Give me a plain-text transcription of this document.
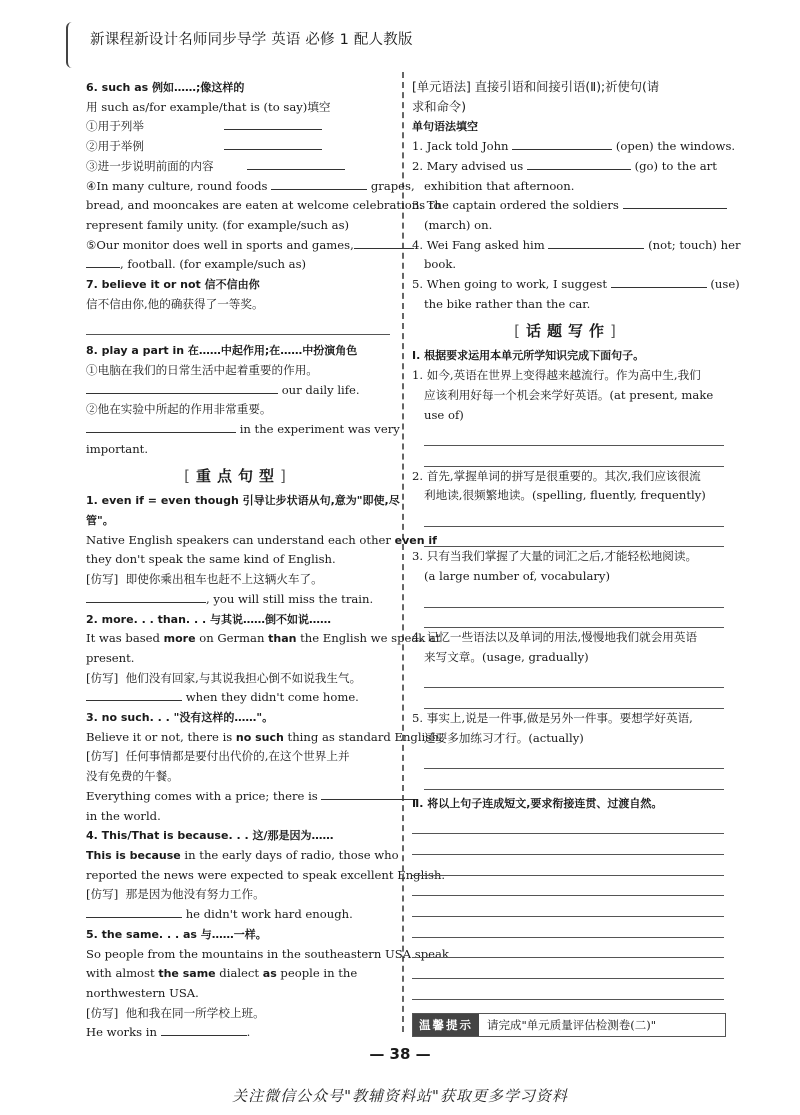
新课程新设计名师同步导学 英语 必修 1 配人教版
6. such as 例如……;像这样的
用 such as/for example/that is (to say)填空
①用于列举
②用于举例
③进一步说明前面的内容
④In many culture, round foods	grapes,
bread, and mooncakes are eaten at welcome celebrations to
represent family unity. (for example/such as)
⑤Our monitor does well in sports and games,
, football. (for example/such as)
7. believe it or not 信不信由你
信不信由你,他的确获得了一等奖。
8. play a part in 在……中起作用;在……中扮演角色
①电脑在我们的日常生活中起着重要的作用。
our daily life.
②他在实验中所起的作用非常重要。
in the experiment was very
important.
[重点句型]
1. even if = even though 引导让步状语从句,意为"即使,尽
管"。
Native English speakers can understand each other even if
they don't speak the same kind of English.
[仿写] 即使你乘出租车也赶不上这辆火车了。
, you will still miss the train.
2. more. . . than. . . 与其说……倒不如说……
It was based more on German than the English we speak at
present.
[仿写] 他们没有回家,与其说我担心倒不如说我生气。
when they didn't come home.
3. no such. . . "没有这样的……"。
Believe it or not, there is no such thing as standard English.
[仿写] 任何事情都是要付出代价的,在这个世界上并
没有免费的午餐。
Everything comes with a price; there is
in the world.
4. This/That is because. . . 这/那是因为……
This is because in the early days of radio, those who
reported the news were expected to speak excellent English.
[仿写] 那是因为他没有努力工作。
he didn't work hard enough.
5. the same. . . as 与……一样。
So people from the mountains in the southeastern USA speak
with almost the same dialect as people in the
northwestern USA.
[仿写] 他和我在同一所学校上班。
He works in	.
[单元语法] 直接引语和间接引语(Ⅱ);祈使句(请
求和命令)
单句语法填空
1. Jack told John	(open) the windows.
2. Mary advised us	(go) to the art
exhibition that afternoon.
3. The captain ordered the soldiers
(march) on.
4. Wei Fang asked him	(not; touch) her
book.
5. When going to work, I suggest	(use)
the bike rather than the car.
[话题写作]
Ⅰ. 根据要求运用本单元所学知识完成下面句子。
1. 如今,英语在世界上变得越来越流行。作为高中生,我们
应该利用好每一个机会来学好英语。(at present, make
use of)
2. 首先,掌握单词的拼写是很重要的。其次,我们应该很流
利地读,很频繁地读。(spelling, fluently, frequently)
3. 只有当我们掌握了大量的词汇之后,才能轻松地阅读。
(a large number of, vocabulary)
4. 记忆一些语法以及单词的用法,慢慢地我们就会用英语
来写文章。(usage, gradually)
5. 事实上,说是一件事,做是另外一件事。要想学好英语,
还要多加练习才行。(actually)
Ⅱ. 将以上句子连成短文,要求衔接连贯、过渡自然。
温馨提示	请完成"单元质量评估检测卷(二)"
— 38 —
关注微信公众号"教辅资料站"获取更多学习资料
